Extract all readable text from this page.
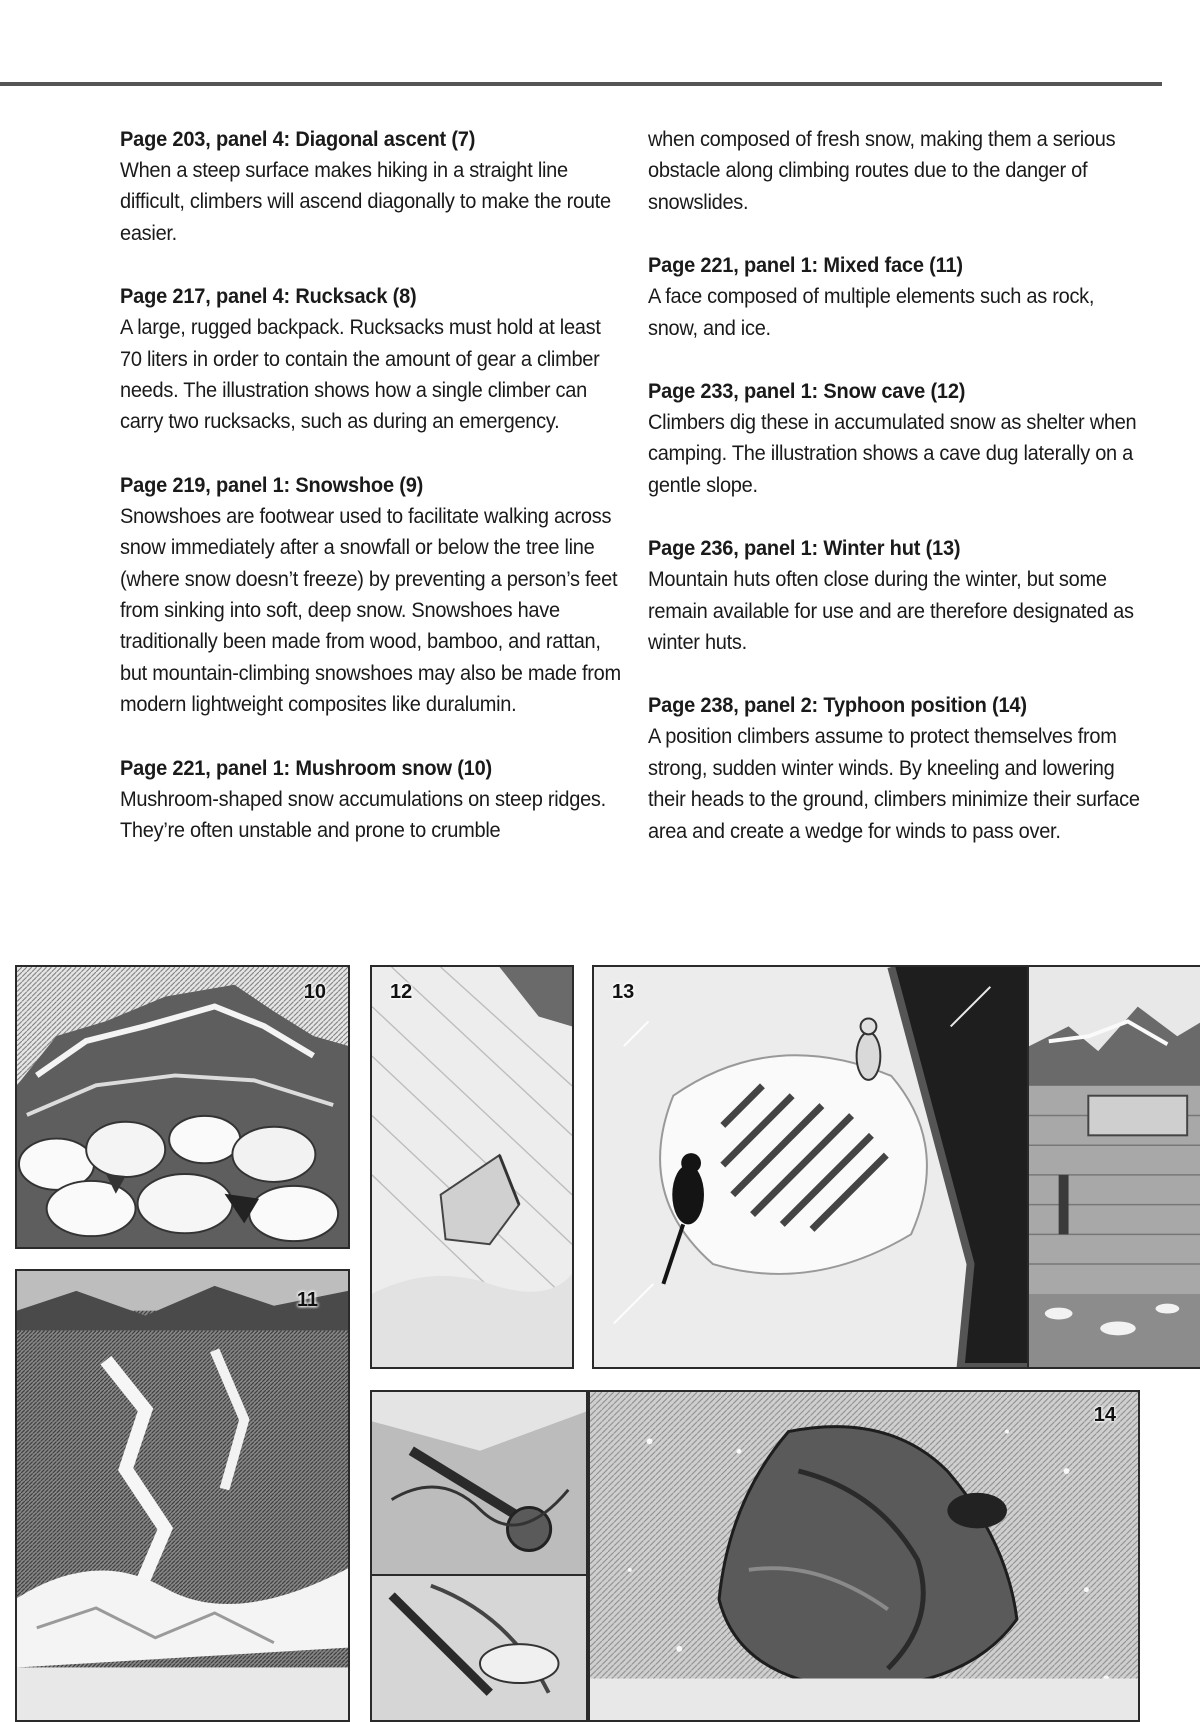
Page 203, panel 4: Diagonal ascent (7)

When a steep surface makes hiking in a straight line difficult, climbers will ascend diagonally to make the route easier.

Page 217, panel 4: Rucksack (8)

A large, rugged backpack. Rucksacks must hold at least 70 liters in order to contain the amount of gear a climber needs. The illustration shows how a single climber can carry two rucksacks, such as during an emergency.

Page 219, panel 1: Snowshoe (9)

Snowshoes are footwear used to facilitate walking across snow immediately after a snowfall or below the tree line (where snow doesn’t freeze) by preventing a person’s feet from sinking into soft, deep snow. Snowshoes have traditionally been made from wood, bamboo, and rattan, but mountain-climbing snowshoes may also be made from modern lightweight composites like duralumin.

Page 221, panel 1: Mushroom snow (10)

Mushroom-shaped snow accumulations on steep ridges. They’re often unstable and prone to crumble

when composed of fresh snow, making them a serious obstacle along climbing routes due to the danger of snowslides.

Page 221, panel 1: Mixed face (11)

A face composed of multiple elements such as rock, snow, and ice.

Page 233, panel 1: Snow cave (12)

Climbers dig these in accumulated snow as shelter when camping. The illustration shows a cave dug laterally on a gentle slope.

Page 236, panel 1: Winter hut (13)

Mountain huts often close during the winter, but some remain available for use and are therefore designated as winter huts.

Page 238, panel 2: Typhoon position (14)

A position climbers assume to protect themselves from strong, sudden winter winds. By kneeling and lowering their heads to the ground, climbers minimize their surface area and create a wedge for winds to pass over.

10
11
12	13
14
